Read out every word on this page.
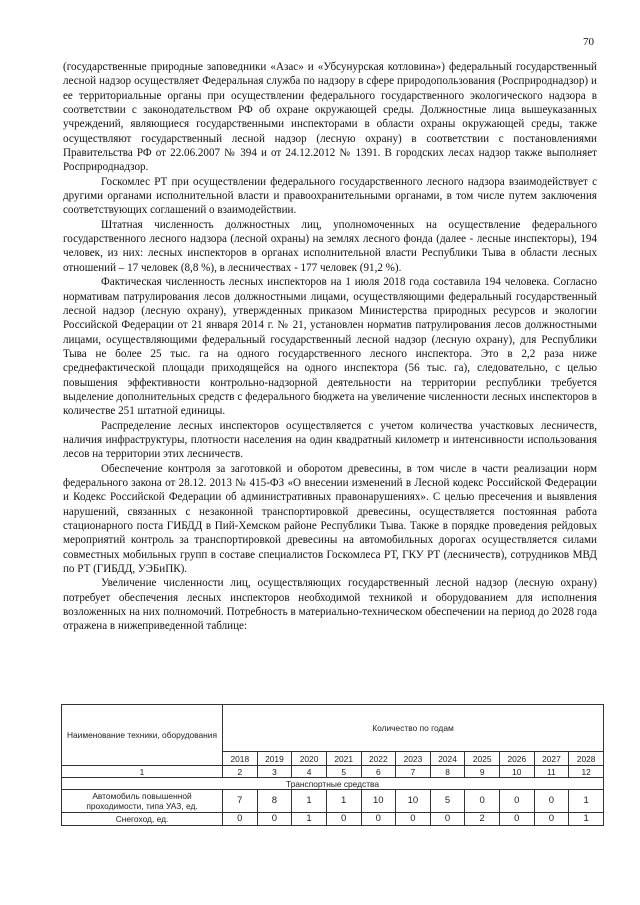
70

(государственные природные заповедники «Азас» и «Убсунурская котловина») федеральный государственный лесной надзор осуществляет Федеральная служба по надзору в сфере природопользования (Росприроднадзор) и ее территориальные органы при осуществлении федерального государственного экологического надзора в соответствии с законодательством РФ об охране окружающей среды. Должностные лица вышеуказанных учреждений, являющиеся государственными инспекторами в области охраны окружающей среды, также осуществляют государственный лесной надзор (лесную охрану) в соответствии с постановлениями Правительства РФ от 22.06.2007 № 394 и от 24.12.2012 № 1391. В городских лесах надзор также выполняет Росприроднадзор.

Госкомлес РТ при осуществлении федерального государственного лесного надзора взаимодействует с другими органами исполнительной власти и правоохранительными органами, в том числе путем заключения соответствующих соглашений о взаимодействии.

Штатная численность должностных лиц, уполномоченных на осуществление федерального государственного лесного надзора (лесной охраны) на землях лесного фонда (далее - лесные инспекторы), 194 человек, из них: лесных инспекторов в органах исполнительной власти Республики Тыва в области лесных отношений – 17 человек (8,8 %), в лесничествах - 177 человек (91,2 %).

Фактическая численность лесных инспекторов на 1 июля 2018 года составила 194 человека. Согласно нормативам патрулирования лесов должностными лицами, осуществляющими федеральный государственный лесной надзор (лесную охрану), утвержденных приказом Министерства природных ресурсов и экологии Российской Федерации от 21 января 2014 г. № 21, установлен норматив патрулирования лесов должностными лицами, осуществляющими федеральный государственный лесной надзор (лесную охрану), для Республики Тыва не более 25 тыс. га на одного государственного лесного инспектора. Это в 2,2 раза ниже среднефактической площади приходящейся на одного инспектора (56 тыс. га), следовательно, с целью повышения эффективности контрольно-надзорной деятельности на территории республики требуется выделение дополнительных средств с федерального бюджета на увеличение численности лесных инспекторов в количестве 251 штатной единицы.

Распределение лесных инспекторов осуществляется с учетом количества участковых лесничеств, наличия инфраструктуры, плотности населения на один квадратный километр и интенсивности использования лесов на территории этих лесничеств.

Обеспечение контроля за заготовкой и оборотом древесины, в том числе в части реализации норм федерального закона от 28.12. 2013 № 415-ФЗ «О внесении изменений в Лесной кодекс Российской Федерации и Кодекс Российской Федерации об административных правонарушениях». С целью пресечения и выявления нарушений, связанных с незаконной транспортировкой древесины, осуществляется постоянная работа стационарного поста ГИБДД в Пий-Хемском районе Республики Тыва. Также в порядке проведения рейдовых мероприятий контроль за транспортировкой древесины на автомобильных дорогах осуществляется силами совместных мобильных групп в составе специалистов Госкомлеса РТ, ГКУ РТ (лесничеств), сотрудников МВД по РТ (ГИБДД, УЭБиПК).

Увеличение численности лиц, осуществляющих государственный лесной надзор (лесную охрану) потребует обеспечения лесных инспекторов необходимой техникой и оборудованием для исполнения возложенных на них полномочий. Потребность в материально-техническом обеспечении на период до 2028 года отражена в нижеприведенной таблице:

Наименование техники, оборудования	Количество по годам										
	2018	2019	2020	2021	2022	2023	2024	2025	2026	2027	2028
1	2	3	4	5	6	7	8	9	10	11	12
Транспортные средства											
Автомобиль повышенной проходимости, типа УАЗ, ед.	7	8	1	1	10	10	5	0	0	0	1
Снегоход, ед.	0	0	1	0	0	0	0	2	0	0	1
